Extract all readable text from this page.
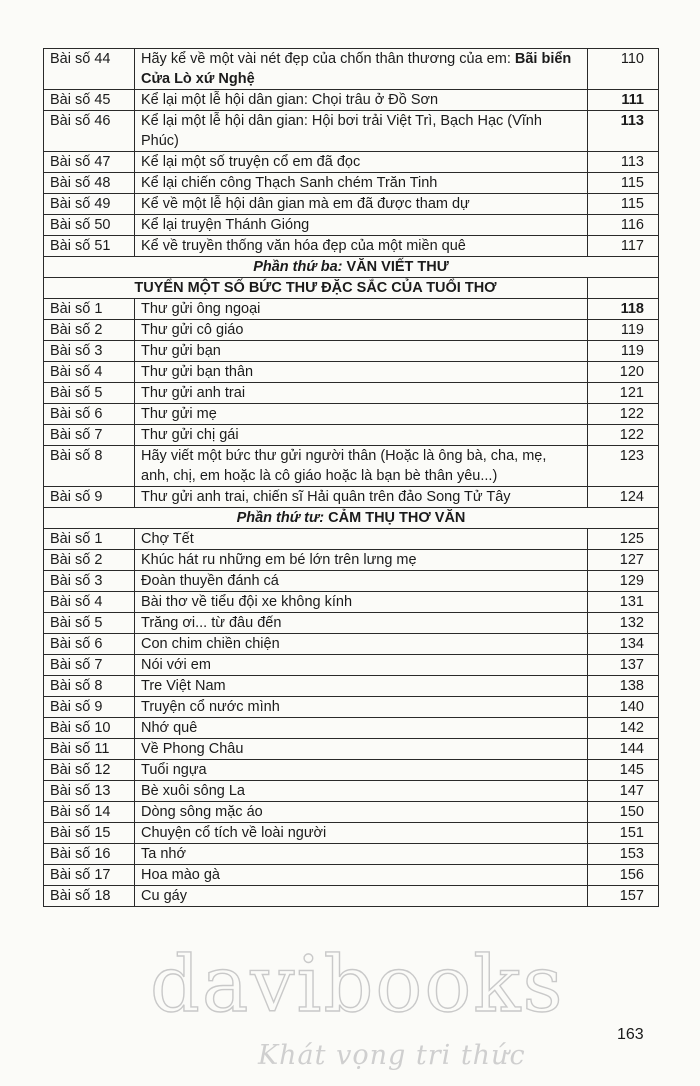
Bài số 44	Hãy kể về một vài nét đẹp của chốn thân thương của em: Bãi biển
Cửa Lò xứ Nghệ	110
Bài số 45	Kể lại một lễ hội dân gian: Chọi trâu ở Đồ Sơn	111
Bài số 46	Kể lại một lễ hội dân gian: Hội bơi trải Việt Trì, Bạch Hạc (Vĩnh Phúc)	113
Bài số 47	Kể lại một số truyện cổ em đã đọc	113
Bài số 48	Kể lại chiến công Thạch Sanh chém Trăn Tinh	115
Bài số 49	Kể về một lễ hội dân gian mà em đã được tham dự	115
Bài số 50	Kể lại truyện Thánh Gióng	116
Bài số 51	Kể về truyền thống văn hóa đẹp của một miền quê	117
Phần thứ ba: VĂN VIẾT THƯ		
TUYỂN MỘT SỐ BỨC THƯ ĐẶC SẮC CỦA TUỔI THƠ		
Bài số 1	Thư gửi ông ngoại	118
Bài số 2	Thư gửi cô giáo	119
Bài số 3	Thư gửi bạn	119
Bài số 4	Thư gửi bạn thân	120
Bài số 5	Thư gửi anh trai	121
Bài số 6	Thư gửi mẹ	122
Bài số 7	Thư gửi chị gái	122
Bài số 8	Hãy viết một bức thư gửi người thân (Hoặc là ông bà, cha, mẹ,
anh, chị, em hoặc là cô giáo hoặc là bạn bè thân yêu...)	123
Bài số 9	Thư gửi anh trai, chiến sĩ Hải quân trên đảo Song Tử Tây	124
Phần thứ tư: CẢM THỤ THƠ VĂN		
Bài số 1	Chợ Tết	125
Bài số 2	Khúc hát ru những em bé lớn trên lưng mẹ	127
Bài số 3	Đoàn thuyền đánh cá	129
Bài số 4	Bài thơ về tiểu đội xe không kính	131
Bài số 5	Trăng ơi... từ đâu đến	132
Bài số 6	Con chim chiền chiện	134
Bài số 7	Nói với em	137
Bài số 8	Tre Việt Nam	138
Bài số 9	Truyện cổ nước mình	140
Bài số 10	Nhớ quê	142
Bài số 11	Về Phong Châu	144
Bài số 12	Tuổi ngựa	145
Bài số 13	Bè xuôi sông La	147
Bài số 14	Dòng sông mặc áo	150
Bài số 15	Chuyện cổ tích về loài người	151
Bài số 16	Ta nhớ	153
Bài số 17	Hoa mào gà	156
Bài số 18	Cu gáy	157
davibooks
Khát vọng tri thức
163
